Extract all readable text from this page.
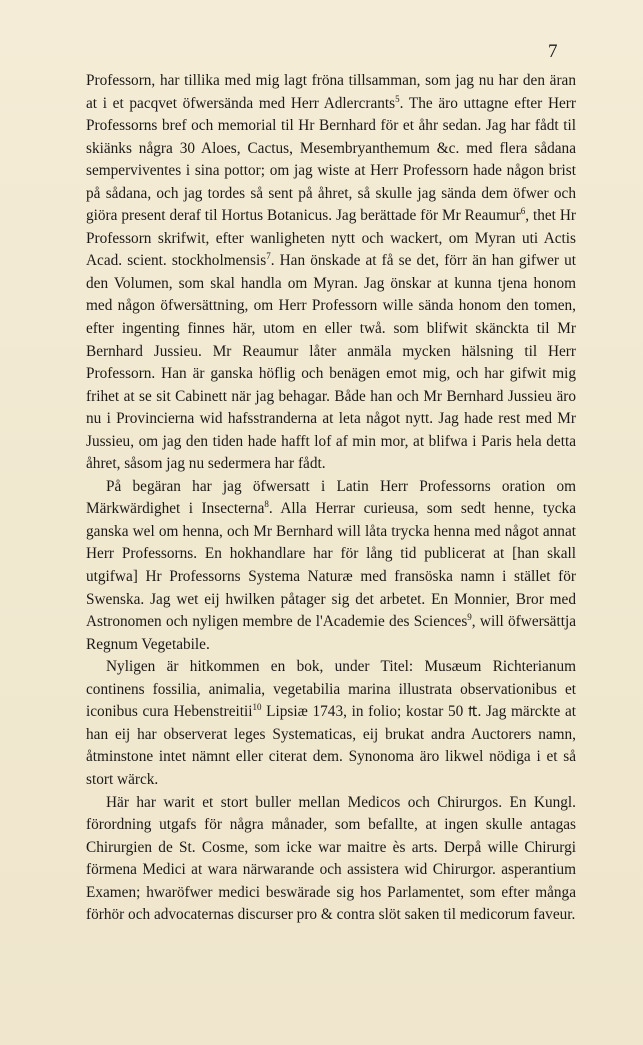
7

Professorn, har tillika med mig lagt fröna tillsamman, som jag nu har den äran at i et pacqvet öfwersända med Herr Adlercrants$^5$. The äro uttagne efter Herr Professorns bref och memorial til Hr Bernhard för et åhr sedan. Jag har fådt til skiänks några 30 Aloes, Cactus, Mesembryanthemum &c. med flera sådana semperviventes i sina pottor; om jag wiste at Herr Professorn hade någon brist på sådana, och jag tordes så sent på åhret, så skulle jag sända dem öfwer och giöra present deraf til Hortus Botanicus. Jag berättade för Mr Reaumur$^6$, thet Hr Professorn skrifwit, efter wanligheten nytt och wackert, om Myran uti Actis Acad. scient. stockholmensis$^7$. Han önskade at få se det, förr än han gifwer ut den Volumen, som skal handla om Myran. Jag önskar at kunna tjena honom med någon öfwersättning, om Herr Professorn wille sända honom den tomen, efter ingenting finnes här, utom en eller twå. som blifwit skänckta til Mr Bernhard Jussieu. Mr Reaumur låter anmäla mycken hälsning til Herr Professorn. Han är ganska höflig och benägen emot mig, och har gifwit mig frihet at se sit Cabinett när jag behagar. Både han och Mr Bernhard Jussieu äro nu i Provincierna wid hafsstranderna at leta något nytt. Jag hade rest med Mr Jussieu, om jag den tiden hade hafft lof af min mor, at blifwa i Paris hela detta åhret, såsom jag nu sedermera har fådt.

På begäran har jag öfwersatt i Latin Herr Professorns oration om Märkwärdighet i Insecterna$^8$. Alla Herrar curieusa, som sedt henne, tycka ganska wel om henna, och Mr Bernhard will låta trycka henna med något annat Herr Professorns. En hokhandlare har för lång tid publicerat at [han skall utgifwa] Hr Professorns Systema Naturæ med fransöska namn i stället för Swenska. Jag wet eij hwilken påtager sig det arbetet. En Monnier, Bror med Astronomen och nyligen membre de l'Academie des Sciences$^9$, will öfwersättja Regnum Vegetabile.

Nyligen är hitkommen en bok, under Titel: Musæum Richterianum continens fossilia, animalia, vegetabilia marina illustrata observationibus et iconibus cura Hebenstreitii$^{10}$ Lipsiæ 1743, in folio; kostar 50 ₶. Jag märckte at han eij har observerat leges Systematicas, eij brukat andra Auctorers namn, åtminstone intet nämnt eller citerat dem. Synonoma äro likwel nödiga i et så stort wärck.

Här har warit et stort buller mellan Medicos och Chirurgos. En Kungl. förordning utgafs för några månader, som befallte, at ingen skulle antagas Chirurgien de St. Cosme, som icke war maitre ès arts. Derpå wille Chirurgi förmena Medici at wara närwarande och assistera wid Chirurgor. asperantium Examen; hwaröfwer medici beswärade sig hos Parlamentet, som efter många förhör och advocaternas discurser pro & contra slöt saken til medicorum faveur.
